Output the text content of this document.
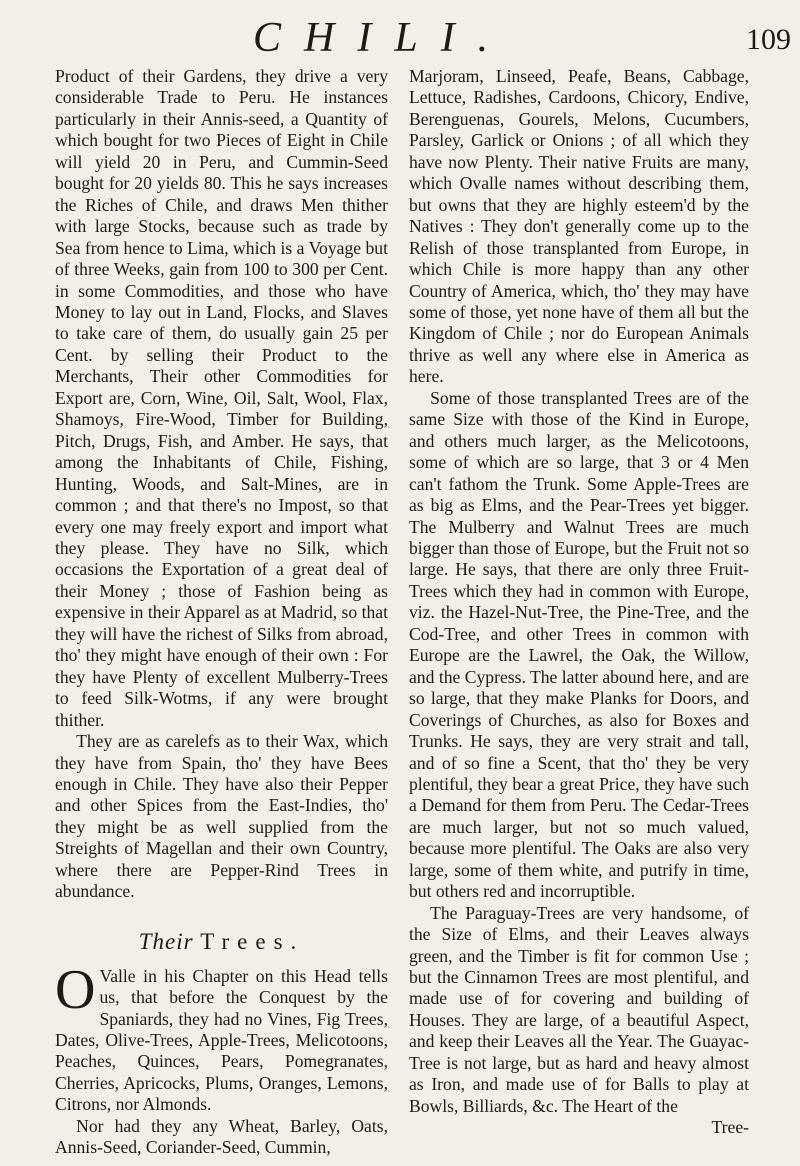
CHILI.	109

Product of their Gardens, they drive a very considerable Trade to Peru. He instances particularly in their Annis-seed, a Quantity of which bought for two Pieces of Eight in Chile will yield 20 in Peru, and Cummin-Seed bought for 20 yields 80. This he says increases the Riches of Chile, and draws Men thither with large Stocks, because such as trade by Sea from hence to Lima, which is a Voyage but of three Weeks, gain from 100 to 300 per Cent. in some Commodities, and those who have Money to lay out in Land, Flocks, and Slaves to take care of them, do usually gain 25 per Cent. by selling their Product to the Merchants, Their other Commodities for Export are, Corn, Wine, Oil, Salt, Wool, Flax, Shamoys, Fire-Wood, Timber for Building, Pitch, Drugs, Fish, and Amber. He says, that among the Inhabitants of Chile, Fishing, Hunting, Woods, and Salt-Mines, are in common ; and that there's no Impost, so that every one may freely export and import what they please. They have no Silk, which occasions the Exportation of a great deal of their Money ; those of Fashion being as expensive in their Apparel as at Madrid, so that they will have the richest of Silks from abroad, tho' they might have enough of their own : For they have Plenty of excellent Mulberry-Trees to feed Silk-Wotms, if any were brought thither.

They are as carelefs as to their Wax, which they have from Spain, tho' they have Bees enough in Chile. They have also their Pepper and other Spices from the East-Indies, tho' they might be as well supplied from the Streights of Magellan and their own Country, where there are Pepper-Rind Trees in abundance.

Their Trees.

O Valle in his Chapter on this Head tells us, that before the Conquest by the Spaniards, they had no Vines, Fig Trees, Dates, Olive-Trees, Apple-Trees, Melicotoons, Peaches, Quinces, Pears, Pomegranates, Cherries, Apricocks, Plums, Oranges, Lemons, Citrons, nor Almonds.

Nor had they any Wheat, Barley, Oats, Annis-Seed, Coriander-Seed, Cummin,

Marjoram, Linseed, Peafe, Beans, Cabbage, Lettuce, Radishes, Cardoons, Chicory, Endive, Berenguenas, Gourels, Melons, Cucumbers, Parsley, Garlick or Onions ; of all which they have now Plenty. Their native Fruits are many, which Ovalle names without describing them, but owns that they are highly esteem'd by the Natives : They don't generally come up to the Relish of those transplanted from Europe, in which Chile is more happy than any other Country of America, which, tho' they may have some of those, yet none have of them all but the Kingdom of Chile ; nor do European Animals thrive as well any where else in America as here.

Some of those transplanted Trees are of the same Size with those of the Kind in Europe, and others much larger, as the Melicotoons, some of which are so large, that 3 or 4 Men can't fathom the Trunk. Some Apple-Trees are as big as Elms, and the Pear-Trees yet bigger. The Mulberry and Walnut Trees are much bigger than those of Europe, but the Fruit not so large. He says, that there are only three Fruit-Trees which they had in common with Europe, viz. the Hazel-Nut-Tree, the Pine-Tree, and the Cod-Tree, and other Trees in common with Europe are the Lawrel, the Oak, the Willow, and the Cypress. The latter abound here, and are so large, that they make Planks for Doors, and Coverings of Churches, as also for Boxes and Trunks. He says, they are very strait and tall, and of so fine a Scent, that tho' they be very plentiful, they bear a great Price, they have such a Demand for them from Peru. The Cedar-Trees are much larger, but not so much valued, because more plentiful. The Oaks are also very large, some of them white, and putrify in time, but others red and incorruptible.

The Paraguay-Trees are very handsome, of the Size of Elms, and their Leaves always green, and the Timber is fit for common Use ; but the Cinnamon Trees are most plentiful, and made use of for covering and building of Houses. They are large, of a beautiful Aspect, and keep their Leaves all the Year. The Guayac-Tree is not large, but as hard and heavy almost as Iron, and made use of for Balls to play at Bowls, Billiards, &c. The Heart of the

Tree-
